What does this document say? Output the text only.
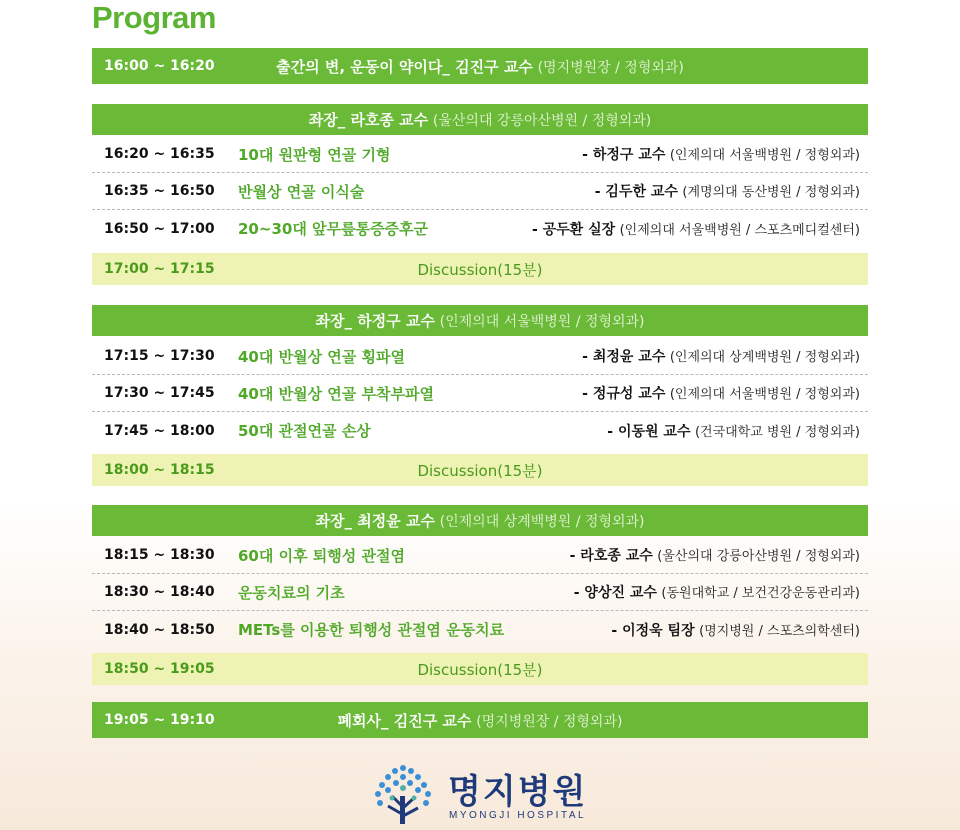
Program
16:00 ~ 16:20	출간의 변, 운동이 약이다_ 김진구 교수 (명지병원장 / 정형외과)
좌장_ 라호종 교수 (울산의대 강릉아산병원 / 정형외과)
16:20 ~ 16:35 10대 원판형 연골 기형	- 하정구 교수 (인제의대 서울백병원 / 정형외과)
16:35 ~ 16:50 반월상 연골 이식술	- 김두한 교수 (계명의대 동산병원 / 정형외과)
16:50 ~ 17:00 20~30대 앞무릎통증증후군	- 공두환 실장 (인제의대 서울백병원 / 스포츠메디컬센터)
17:00 ~ 17:15	Discussion(15분)
좌장_ 하정구 교수 (인제의대 서울백병원 / 정형외과)
17:15 ~ 17:30 40대 반월상 연골 횡파열	- 최정윤 교수 (인제의대 상계백병원 / 정형외과)
17:30 ~ 17:45 40대 반월상 연골 부착부파열	- 정규성 교수 (인제의대 서울백병원 / 정형외과)
17:45 ~ 18:00 50대 관절연골 손상	- 이동원 교수 (건국대학교 병원 / 정형외과)
18:00 ~ 18:15	Discussion(15분)
좌장_ 최정윤 교수 (인제의대 상계백병원 / 정형외과)
18:15 ~ 18:30 60대 이후 퇴행성 관절염	- 라호종 교수 (울산의대 강릉아산병원 / 정형외과)
18:30 ~ 18:40 운동치료의 기초	- 양상진 교수 (동원대학교 / 보건건강운동관리과)
18:40 ~ 18:50 METs를 이용한 퇴행성 관절염 운동치료	- 이정욱 팀장 (명지병원 / 스포츠의학센터)
18:50 ~ 19:05	Discussion(15분)
19:05 ~ 19:10	폐회사_ 김진구 교수 (명지병원장 / 정형외과)
명지병원
MYONGJI HOSPITAL
